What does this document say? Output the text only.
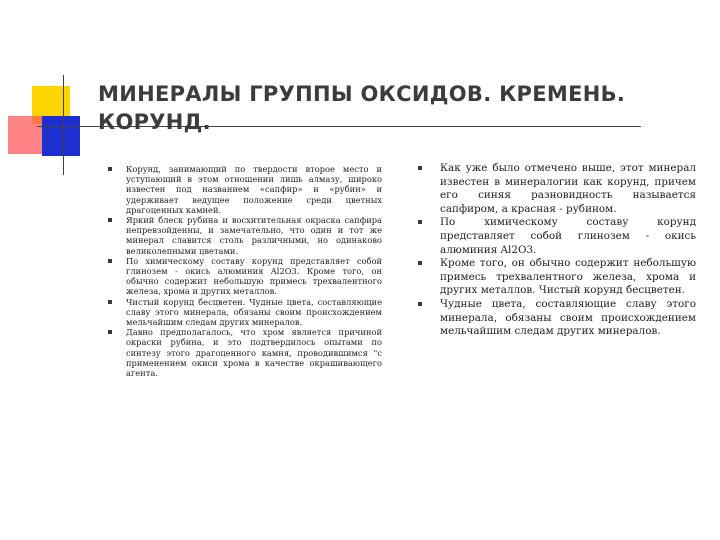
МИНЕРАЛЫ ГРУППЫ ОКСИДОВ. КРЕМЕНЬ. КОРУНД.
Корунд, занимающий по твердости второе место и уступающий в этом отношении лишь алмазу, широко известен под названием «сапфир» и «рубин» и удерживает ведущее положение среди цветных драгоценных камней.
Яркий блеск рубина и восхитительная окраска сапфира непревзойденны, и замечательно, что один и тот же минерал славится столь различными, но одинаково великолепными цветами.
По химическому составу корунд представляет собой глинозем - окись алюминия Al2O3. Кроме того, он обычно содержит небольшую примесь трехвалентного железа, хрома и других металлов.
Чистый корунд бесцветен. Чудные цвета, составляющие славу этого минерала, обязаны своим происхождением мельчайшим следам других минералов.
Давно предполагалось, что хром является причиной окраски рубина, и это подтвердилось опытами по синтезу этого драгоценного камня, проводившимся "с применением окиси хрома в качестве окрашивающего агента.
Как уже было отмечено выше, этот минерал известен в минералогии как корунд, причем его синяя разновидность называется сапфиром, а красная - рубином.
По химическому составу корунд представляет собой глинозем - окись алюминия Al2O3.
Кроме того, он обычно содержит небольшую примесь трехвалентного железа, хрома и других металлов. Чистый корунд бесцветен.
Чудные цвета, составляющие славу этого минерала, обязаны своим происхождением мельчайшим следам других минералов.
